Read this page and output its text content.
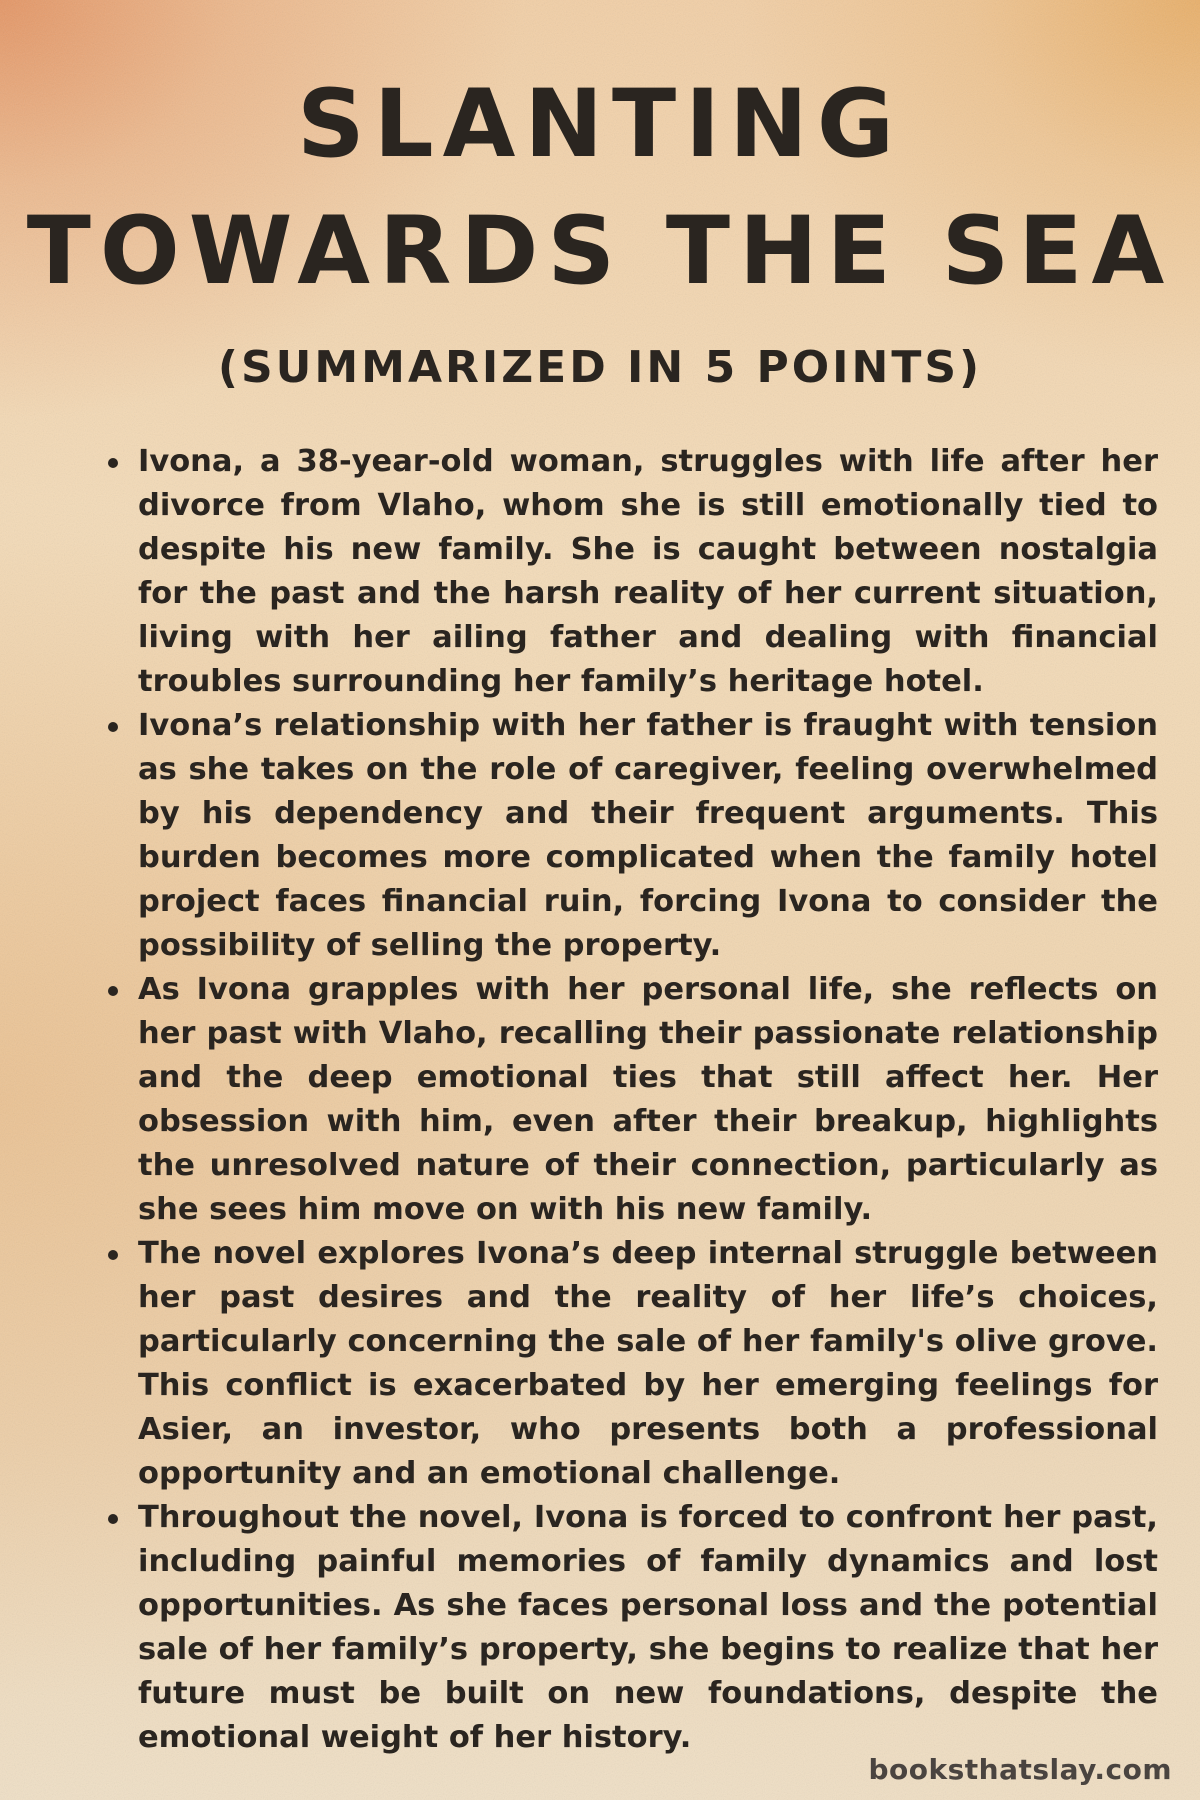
SLANTING
TOWARDS THE SEA
(SUMMARIZED IN 5 POINTS)
Ivona, a 38-year-old woman, struggles with life after her divorce from Vlaho, whom she is still emotionally tied to despite his new family. She is caught between nostalgia for the past and the harsh reality of her current situation, living with her ailing father and dealing with financial troubles surrounding her family’s heritage hotel.
Ivona’s relationship with her father is fraught with tension as she takes on the role of caregiver, feeling overwhelmed by his dependency and their frequent arguments. This burden becomes more complicated when the family hotel project faces financial ruin, forcing Ivona to consider the possibility of selling the property.
As Ivona grapples with her personal life, she reflects on her past with Vlaho, recalling their passionate relationship and the deep emotional ties that still affect her. Her obsession with him, even after their breakup, highlights the unresolved nature of their connection, particularly as she sees him move on with his new family.
The novel explores Ivona’s deep internal struggle between her past desires and the reality of her life’s choices, particularly concerning the sale of her family's olive grove. This conflict is exacerbated by her emerging feelings for Asier, an investor, who presents both a professional opportunity and an emotional challenge.
Throughout the novel, Ivona is forced to confront her past, including painful memories of family dynamics and lost opportunities. As she faces personal loss and the potential sale of her family’s property, she begins to realize that her future must be built on new foundations, despite the emotional weight of her history.
booksthatslay.com
